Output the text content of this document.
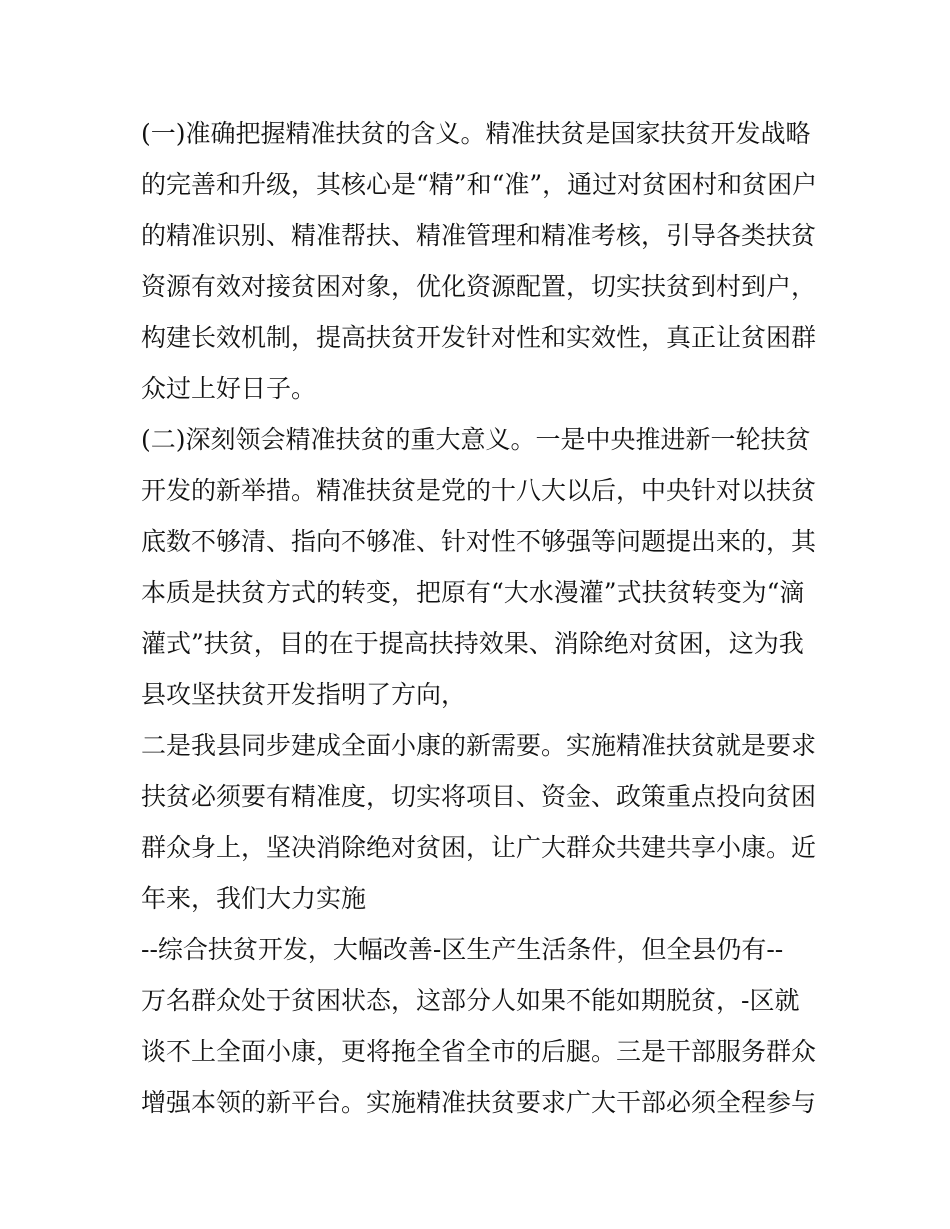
(一)准确把握精准扶贫的含义。精准扶贫是国家扶贫开发战略
的完善和升级，其核心是“精”和“准”，通过对贫困村和贫困户
的精准识别、精准帮扶、精准管理和精准考核，引导各类扶贫
资源有效对接贫困对象，优化资源配置，切实扶贫到村到户，
构建长效机制，提高扶贫开发针对性和实效性，真正让贫困群
众过上好日子。
(二)深刻领会精准扶贫的重大意义。一是中央推进新一轮扶贫
开发的新举措。精准扶贫是党的十八大以后，中央针对以扶贫
底数不够清、指向不够准、针对性不够强等问题提出来的，其
本质是扶贫方式的转变，把原有“大水漫灌”式扶贫转变为“滴
灌式”扶贫，目的在于提高扶持效果、消除绝对贫困，这为我
县攻坚扶贫开发指明了方向，
二是我县同步建成全面小康的新需要。实施精准扶贫就是要求
扶贫必须要有精准度，切实将项目、资金、政策重点投向贫困
群众身上，坚决消除绝对贫困，让广大群众共建共享小康。近
年来，我们大力实施
--综合扶贫开发，大幅改善-区生产生活条件，但全县仍有--
万名群众处于贫困状态，这部分人如果不能如期脱贫，-区就
谈不上全面小康，更将拖全省全市的后腿。三是干部服务群众
增强本领的新平台。实施精准扶贫要求广大干部必须全程参与
